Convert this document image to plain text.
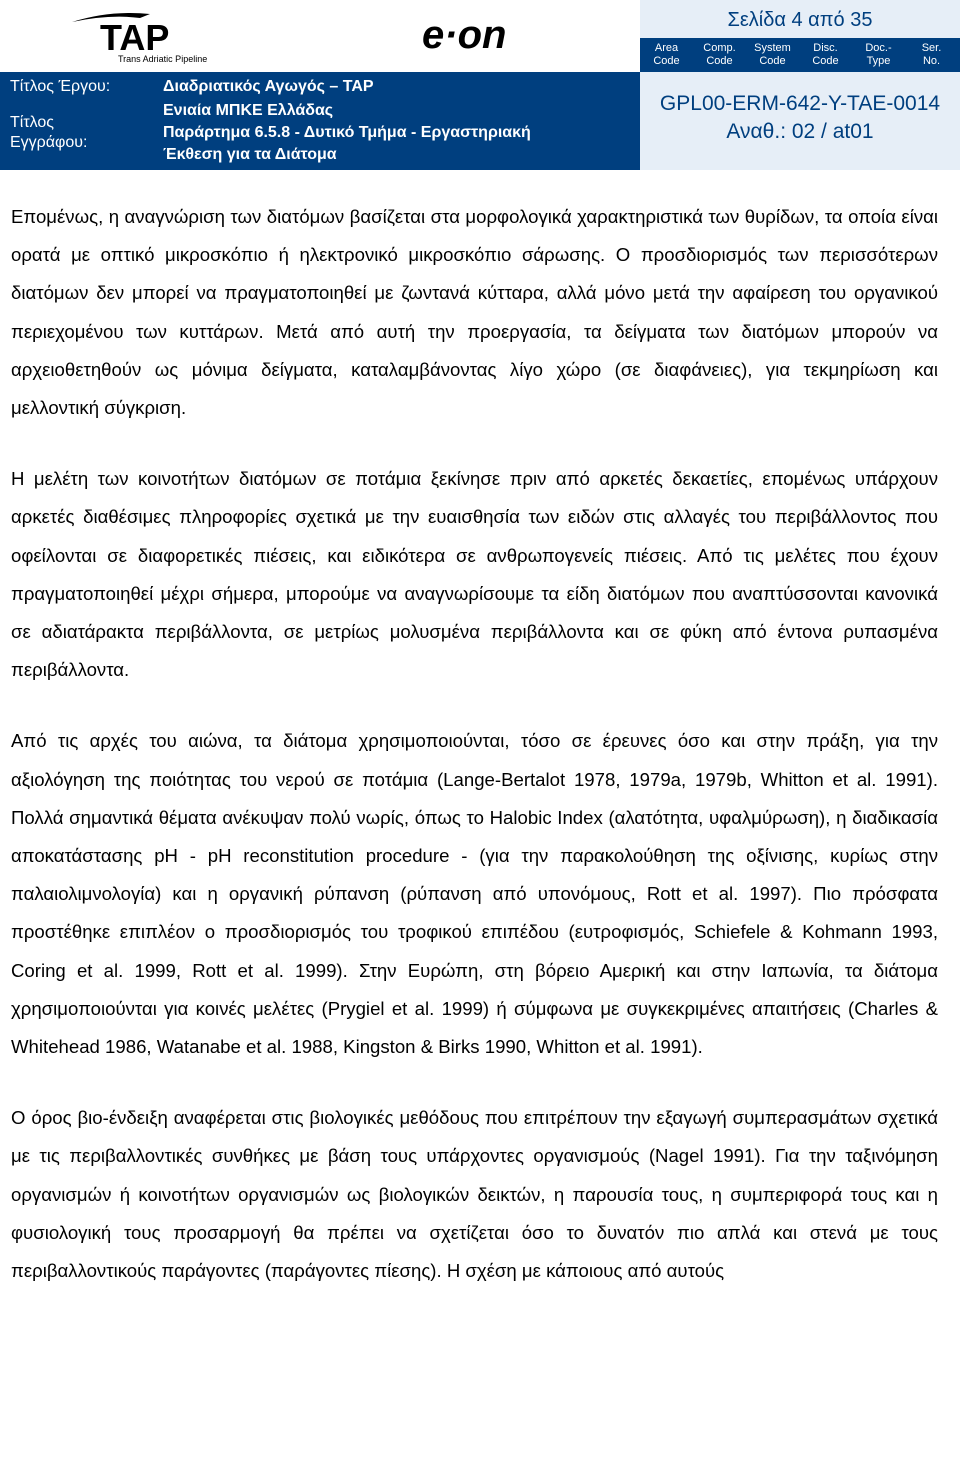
TAP
Trans Adriatic Pipeline
e·on
Τίτλος Έργου:	Διαδριατικός Αγωγός – TAP
Τίτλος
Εγγράφου:
Ενιαία ΜΠΚΕ Ελλάδας
Παράρτημα 6.5.8 - Δυτικό Τμήμα - Εργαστηριακή
Έκθεση για τα Διάτομα
Σελίδα 4 από 35
Area
Code
Comp.
Code
System
Code
Disc.
Code
Doc.-
Type
Ser.
No.
GPL00-ERM-642-Y-TAE-0014
Αναθ.: 02 / at01

Επομένως, η αναγνώριση των διατόμων βασίζεται στα μορφολογικά χαρακτηριστικά των θυρίδων, τα οποία είναι ορατά με οπτικό μικροσκόπιο ή ηλεκτρονικό μικροσκόπιο σάρωσης. Ο προσδιορισμός των περισσότερων διατόμων δεν μπορεί να πραγματοποιηθεί με ζωντανά κύτταρα, αλλά μόνο μετά την αφαίρεση του οργανικού περιεχομένου των κυττάρων. Μετά από αυτή την προεργασία, τα δείγματα των διατόμων μπορούν να αρχειοθετηθούν ως μόνιμα δείγματα, καταλαμβάνοντας λίγο χώρο (σε διαφάνειες), για τεκμηρίωση και μελλοντική σύγκριση.

Η μελέτη των κοινοτήτων διατόμων σε ποτάμια ξεκίνησε πριν από αρκετές δεκαετίες, επομένως υπάρχουν αρκετές διαθέσιμες πληροφορίες σχετικά με την ευαισθησία των ειδών στις αλλαγές του περιβάλλοντος που οφείλονται σε διαφορετικές πιέσεις, και ειδικότερα σε ανθρωπογενείς πιέσεις. Από τις μελέτες που έχουν πραγματοποιηθεί μέχρι σήμερα, μπορούμε να αναγνωρίσουμε τα είδη διατόμων που αναπτύσσονται κανονικά σε αδιατάρακτα περιβάλλοντα, σε μετρίως μολυσμένα περιβάλλοντα και σε φύκη από έντονα ρυπασμένα περιβάλλοντα.

Από τις αρχές του αιώνα, τα διάτομα χρησιμοποιούνται, τόσο σε έρευνες όσο και στην πράξη, για την αξιολόγηση της ποιότητας του νερού σε ποτάμια (Lange-Bertalot 1978, 1979a, 1979b, Whitton et al. 1991). Πολλά σημαντικά θέματα ανέκυψαν πολύ νωρίς, όπως το Halobic Index (αλατότητα, υφαλμύρωση), η διαδικασία αποκατάστασης pH - pH reconstitution procedure - (για την παρακολούθηση της οξίνισης, κυρίως στην παλαιολιμνολογία) και η οργανική ρύπανση (ρύπανση από υπονόμους, Rott et al. 1997). Πιο πρόσφατα προστέθηκε επιπλέον ο προσδιορισμός του τροφικού επιπέδου (ευτροφισμός, Schiefele & Kohmann 1993, Coring et al. 1999, Rott et al. 1999). Στην Ευρώπη, στη βόρειο Αμερική και στην Ιαπωνία, τα διάτομα χρησιμοποιούνται για κοινές μελέτες (Prygiel et al. 1999) ή σύμφωνα με συγκεκριμένες απαιτήσεις (Charles & Whitehead 1986, Watanabe et al. 1988, Kingston & Birks 1990, Whitton et al. 1991).

Ο όρος βιο-ένδειξη αναφέρεται στις βιολογικές μεθόδους που επιτρέπουν την εξαγωγή συμπερασμάτων σχετικά με τις περιβαλλοντικές συνθήκες με βάση τους υπάρχοντες οργανισμούς (Nagel 1991). Για την ταξινόμηση οργανισμών ή κοινοτήτων οργανισμών ως βιολογικών δεικτών, η παρουσία τους, η συμπεριφορά τους και η φυσιολογική τους προσαρμογή θα πρέπει να σχετίζεται όσο το δυνατόν πιο απλά και στενά με τους περιβαλλοντικούς παράγοντες (παράγοντες πίεσης). Η σχέση με κάποιους από αυτούς
